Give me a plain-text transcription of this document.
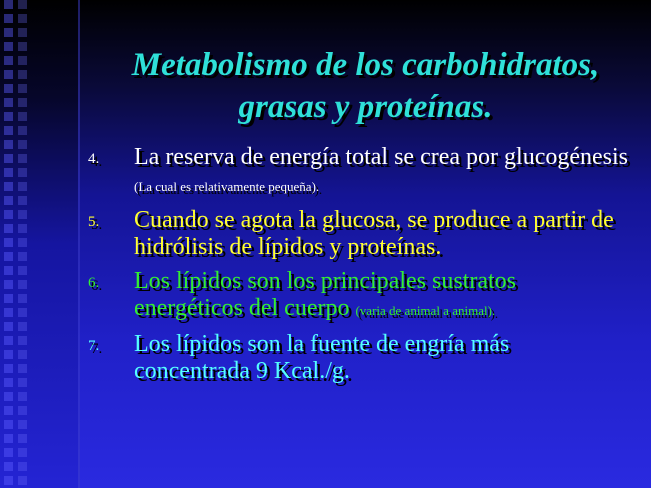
Metabolismo de los carbohidratos,
grasas y proteínas.
4. La reserva de energía total se crea por glucogénesis (La cual es relativamente pequeña).
5. Cuando se agota la glucosa, se produce a partir de hidrólisis de lípidos y proteínas.
6. Los lípidos son los principales sustratos energéticos del cuerpo (varia de animal a animal).
7. Los lípidos son la fuente de engría más concentrada 9 Kcal./g.
